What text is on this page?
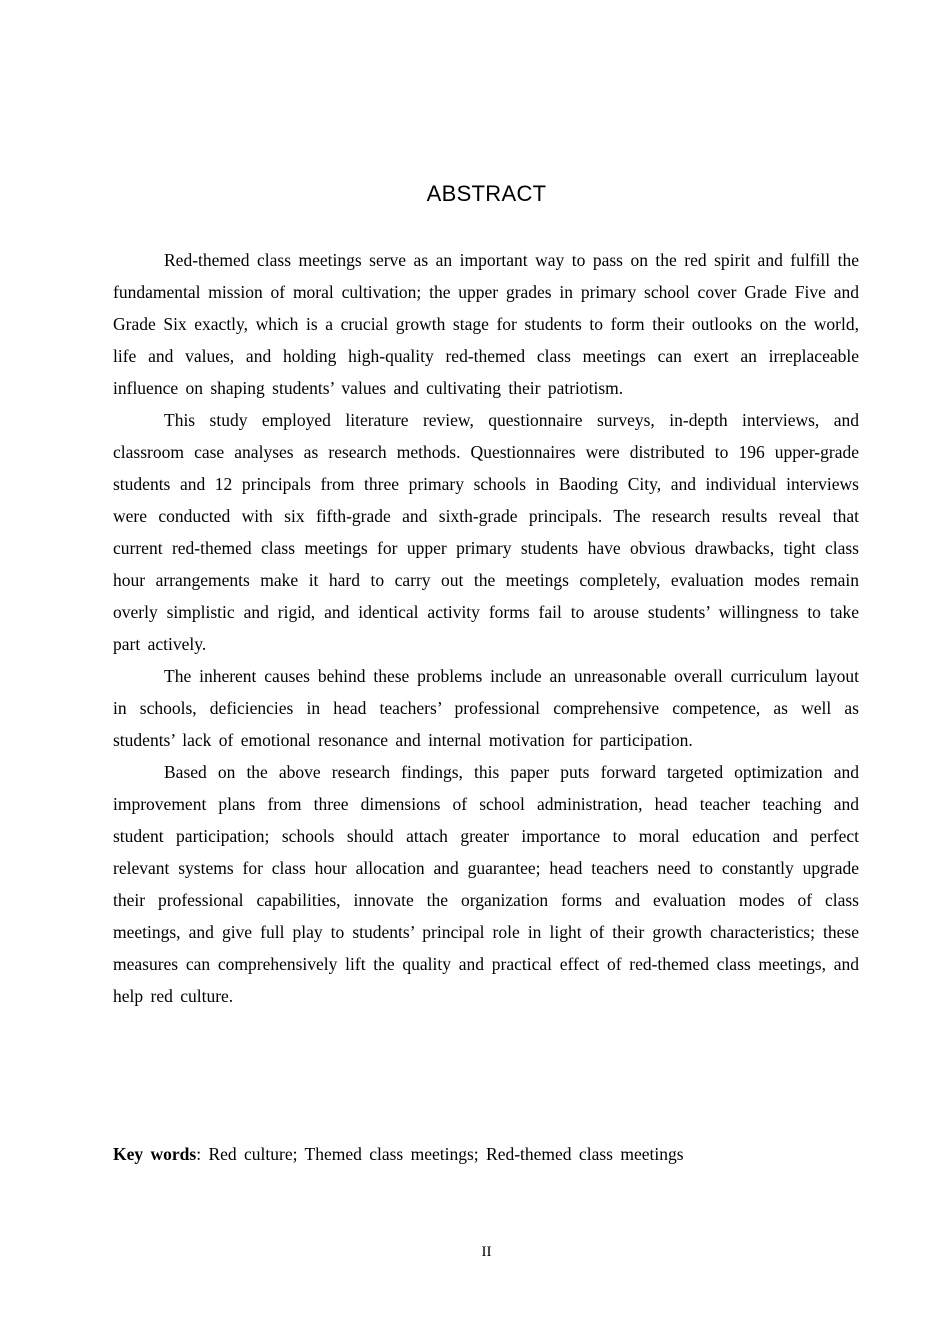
ABSTRACT

Red-themed class meetings serve as an important way to pass on the red spirit and fulfill the fundamental mission of moral cultivation; the upper grades in primary school cover Grade Five and Grade Six exactly, which is a crucial growth stage for students to form their outlooks on the world, life and values, and holding high-quality red-themed class meetings can exert an irreplaceable influence on shaping students’ values and cultivating their patriotism.

This study employed literature review, questionnaire surveys, in-depth interviews, and classroom case analyses as research methods. Questionnaires were distributed to 196 upper-grade students and 12 principals from three primary schools in Baoding City, and individual interviews were conducted with six fifth-grade and sixth-grade principals. The research results reveal that current red-themed class meetings for upper primary students have obvious drawbacks, tight class hour arrangements make it hard to carry out the meetings completely, evaluation modes remain overly simplistic and rigid, and identical activity forms fail to arouse students’ willingness to take part actively.

The inherent causes behind these problems include an unreasonable overall curriculum layout in schools, deficiencies in head teachers’ professional comprehensive competence, as well as students’ lack of emotional resonance and internal motivation for participation.

Based on the above research findings, this paper puts forward targeted optimization and improvement plans from three dimensions of school administration, head teacher teaching and student participation; schools should attach greater importance to moral education and perfect relevant systems for class hour allocation and guarantee; head teachers need to constantly upgrade their professional capabilities, innovate the organization forms and evaluation modes of class meetings, and give full play to students’ principal role in light of their growth characteristics; these measures can comprehensively lift the quality and practical effect of red-themed class meetings, and help red culture.

Key words: Red culture; Themed class meetings; Red-themed class meetings

II
